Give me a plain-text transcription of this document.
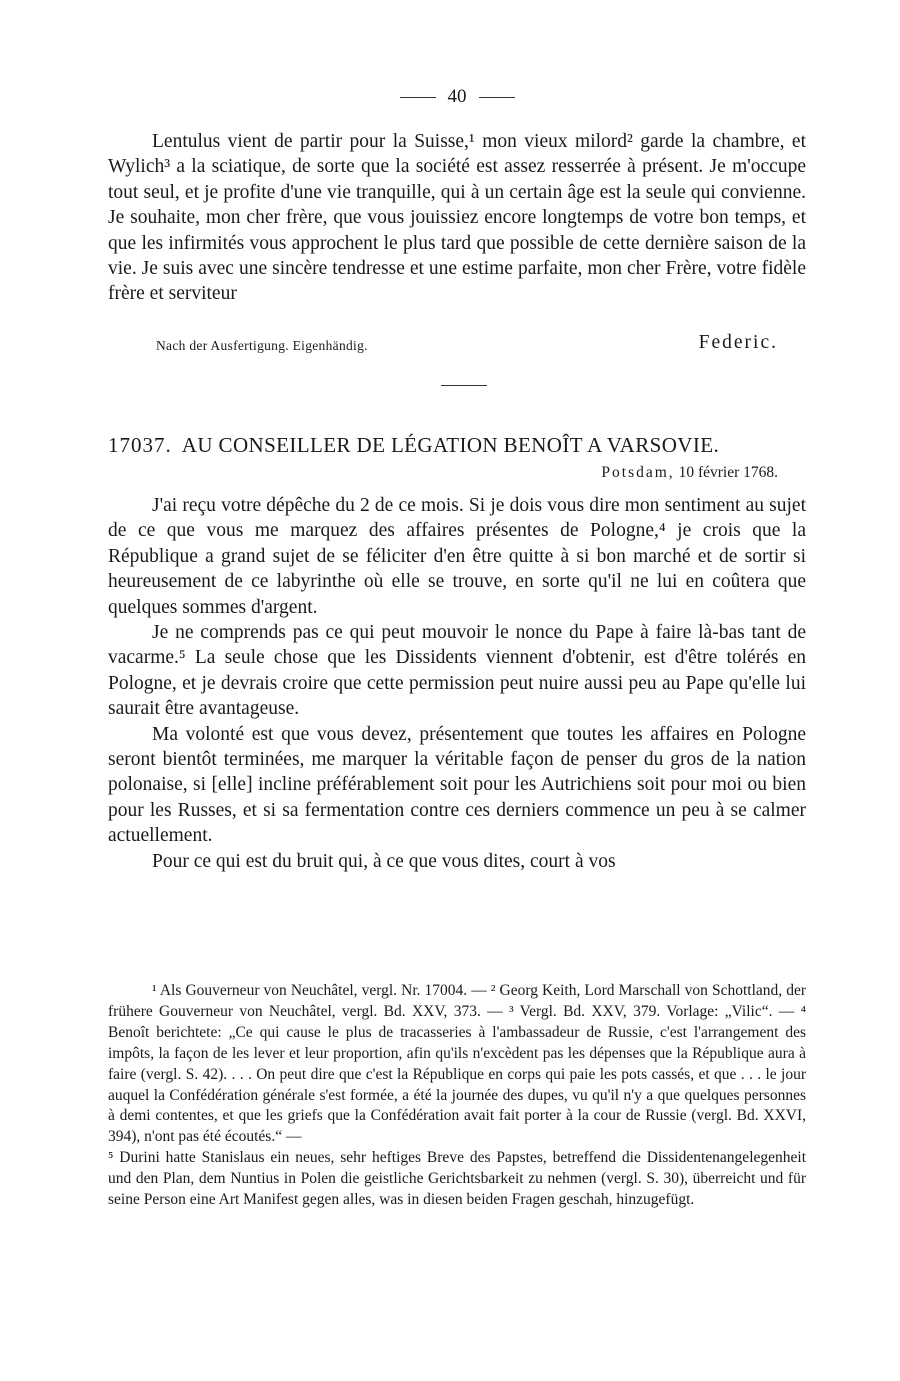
40

Lentulus vient de partir pour la Suisse,¹ mon vieux milord² garde la chambre, et Wylich³ a la sciatique, de sorte que la société est assez resserrée à présent. Je m'occupe tout seul, et je profite d'une vie tranquille, qui à un certain âge est la seule qui convienne. Je souhaite, mon cher frère, que vous jouissiez encore longtemps de votre bon temps, et que les infirmités vous approchent le plus tard que possible de cette dernière saison de la vie. Je suis avec une sincère tendresse et une estime parfaite, mon cher Frère, votre fidèle frère et serviteur

Nach der Ausfertigung. Eigenhändig.	Federic.
17037. AU CONSEILLER DE LÉGATION BENOÎT A VARSOVIE.
Potsdam, 10 février 1768.

J'ai reçu votre dépêche du 2 de ce mois. Si je dois vous dire mon sentiment au sujet de ce que vous me marquez des affaires présentes de Pologne,⁴ je crois que la République a grand sujet de se féliciter d'en être quitte à si bon marché et de sortir si heureusement de ce labyrinthe où elle se trouve, en sorte qu'il ne lui en coûtera que quelques sommes d'argent.

Je ne comprends pas ce qui peut mouvoir le nonce du Pape à faire là-bas tant de vacarme.⁵ La seule chose que les Dissidents viennent d'obtenir, est d'être tolérés en Pologne, et je devrais croire que cette permission peut nuire aussi peu au Pape qu'elle lui saurait être avantageuse.

Ma volonté est que vous devez, présentement que toutes les affaires en Pologne seront bientôt terminées, me marquer la véritable façon de penser du gros de la nation polonaise, si [elle] incline préférablement soit pour les Autrichiens soit pour moi ou bien pour les Russes, et si sa fermentation contre ces derniers commence un peu à se calmer actuellement.

Pour ce qui est du bruit qui, à ce que vous dites, court à vos

¹ Als Gouverneur von Neuchâtel, vergl. Nr. 17004. — ² Georg Keith, Lord Marschall von Schottland, der frühere Gouverneur von Neuchâtel, vergl. Bd. XXV, 373. — ³ Vergl. Bd. XXV, 379. Vorlage: „Vilic“. — ⁴ Benoît berichtete: „Ce qui cause le plus de tracasseries à l'ambassadeur de Russie, c'est l'arrangement des impôts, la façon de les lever et leur proportion, afin qu'ils n'excèdent pas les dépenses que la République aura à faire (vergl. S. 42). . . . On peut dire que c'est la République en corps qui paie les pots cassés, et que . . . le jour auquel la Confédération générale s'est formée, a été la journée des dupes, vu qu'il n'y a que quelques personnes à demi contentes, et que les griefs que la Confédération avait fait porter à la cour de Russie (vergl. Bd. XXVI, 394), n'ont pas été écoutés.“ —

⁵ Durini hatte Stanislaus ein neues, sehr heftiges Breve des Papstes, betreffend die Dissidentenangelegenheit und den Plan, dem Nuntius in Polen die geistliche Gerichtsbarkeit zu nehmen (vergl. S. 30), überreicht und für seine Person eine Art Manifest gegen alles, was in diesen beiden Fragen geschah, hinzugefügt.
